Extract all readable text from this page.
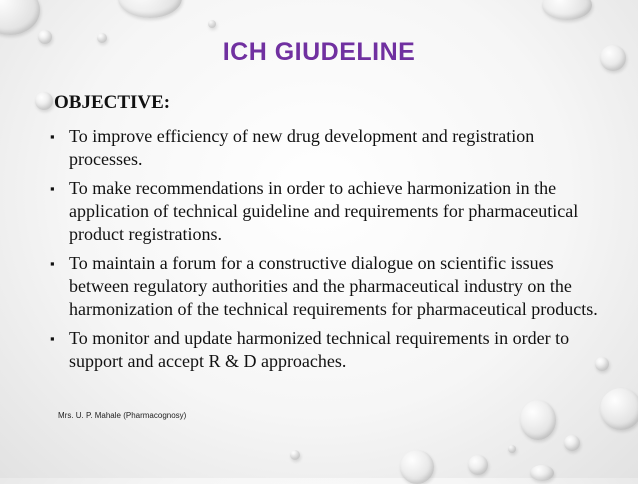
ICH GIUDELINE
OBJECTIVE:
▪ To improve efficiency of new drug development and registration processes.
▪ To make recommendations in order to achieve harmonization in the application of technical guideline and requirements for pharmaceutical product registrations.
▪ To maintain a forum for a constructive dialogue on scientific issues between regulatory authorities and the pharmaceutical industry on the harmonization of the technical requirements for pharmaceutical products.
▪ To monitor and update harmonized technical requirements in order to support and accept R & D approaches.
Mrs. U. P. Mahale (Pharmacognosy)
